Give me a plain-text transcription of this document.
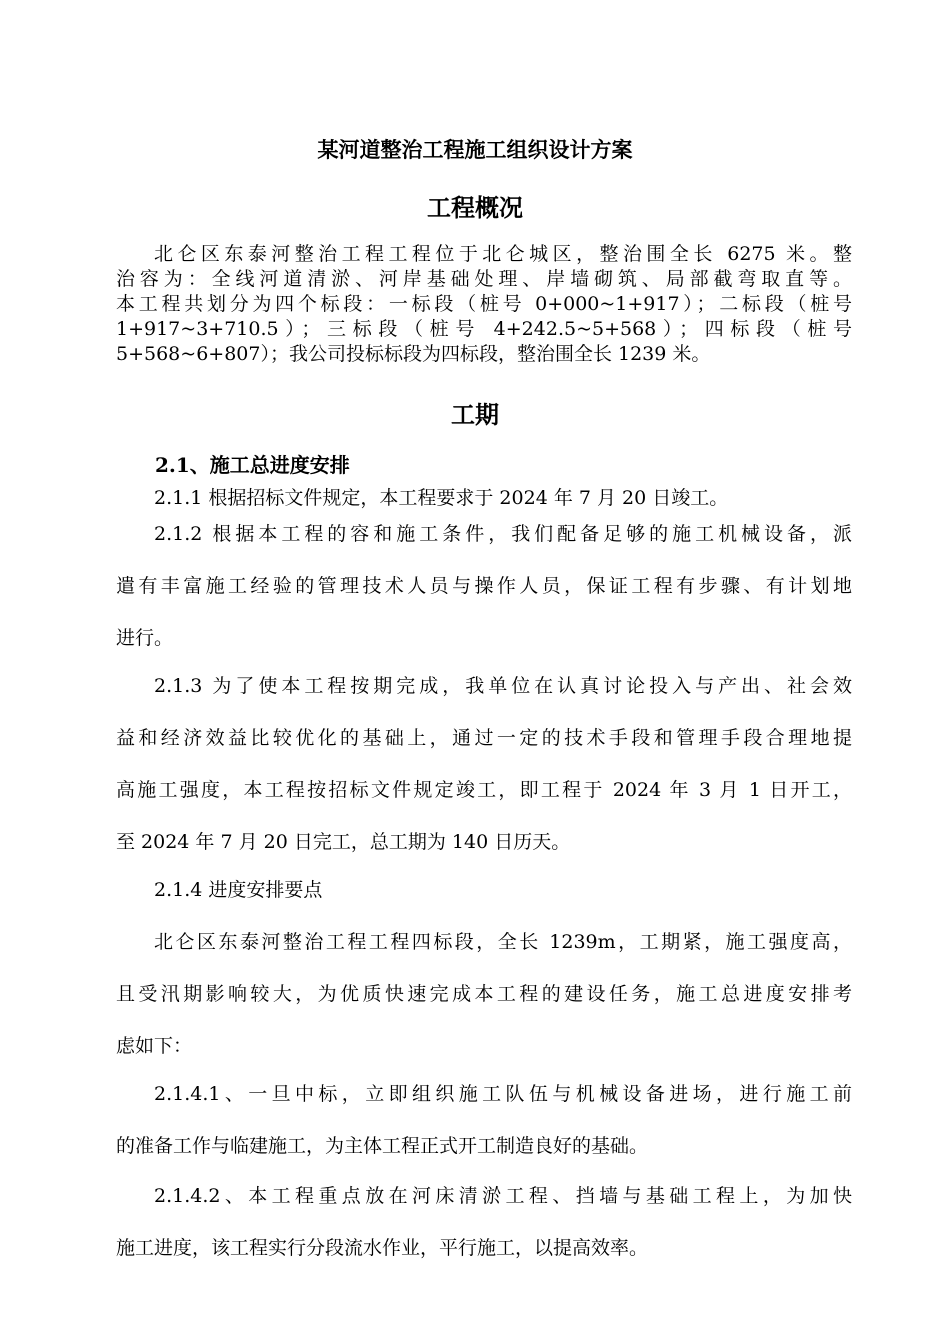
某河道整治工程施工组织设计方案
工程概况
北仑区东泰河整治工程工程位于北仑城区，整治围全长 6275 米。整
治容为：全线河道清淤、河岸基础处理、岸墙砌筑、局部截弯取直等。
本工程共划分为四个标段：一标段（桩号 0+000~1+917）；二标段（桩号
1+917~3+710.5）；三标段（桩号 4+242.5~5+568）；四标段（桩号
5+568~6+807）；我公司投标标段为四标段，整治围全长 1239 米。
工期
2.1、施工总进度安排
2.1.1 根据招标文件规定，本工程要求于 2024 年 7 月 20 日竣工。
2.1.2 根据本工程的容和施工条件，我们配备足够的施工机械设备，派
遣有丰富施工经验的管理技术人员与操作人员，保证工程有步骤、有计划地
进行。
2.1.3 为了使本工程按期完成，我单位在认真讨论投入与产出、社会效
益和经济效益比较优化的基础上，通过一定的技术手段和管理手段合理地提
高施工强度，本工程按招标文件规定竣工，即工程于 2024 年 3 月 1 日开工，
至 2024 年 7 月 20 日完工，总工期为 140 日历天。
2.1.4 进度安排要点
北仑区东泰河整治工程工程四标段，全长 1239m，工期紧，施工强度高，
且受汛期影响较大，为优质快速完成本工程的建设任务，施工总进度安排考
虑如下：
2.1.4.1、一旦中标，立即组织施工队伍与机械设备进场，进行施工前
的准备工作与临建施工，为主体工程正式开工制造良好的基础。
2.1.4.2、本工程重点放在河床清淤工程、挡墙与基础工程上，为加快
施工进度，该工程实行分段流水作业，平行施工，以提高效率。
